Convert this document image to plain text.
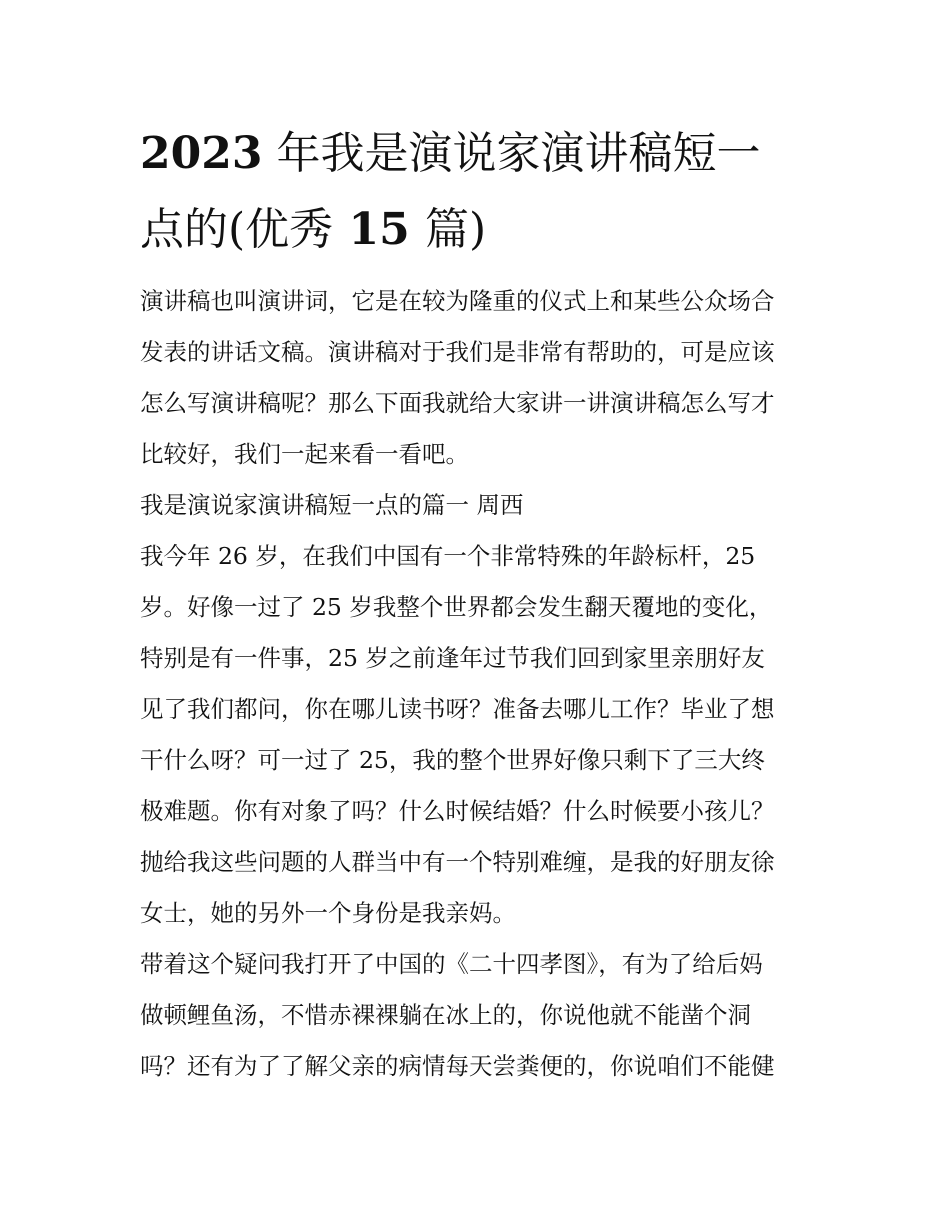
2023 年我是演说家演讲稿短一
点的(优秀 15 篇)
演讲稿也叫演讲词，它是在较为隆重的仪式上和某些公众场合
发表的讲话文稿。演讲稿对于我们是非常有帮助的，可是应该
怎么写演讲稿呢？那么下面我就给大家讲一讲演讲稿怎么写才
比较好，我们一起来看一看吧。
我是演说家演讲稿短一点的篇一 周西
我今年 26 岁，在我们中国有一个非常特殊的年龄标杆，25
岁。好像一过了 25 岁我整个世界都会发生翻天覆地的变化，
特别是有一件事，25 岁之前逢年过节我们回到家里亲朋好友
见了我们都问，你在哪儿读书呀？准备去哪儿工作？毕业了想
干什么呀？可一过了 25，我的整个世界好像只剩下了三大终
极难题。你有对象了吗？什么时候结婚？什么时候要小孩儿？
抛给我这些问题的人群当中有一个特别难缠，是我的好朋友徐
女士，她的另外一个身份是我亲妈。
带着这个疑问我打开了中国的《二十四孝图》，有为了给后妈
做顿鲤鱼汤，不惜赤裸裸躺在冰上的，你说他就不能凿个洞
吗？还有为了了解父亲的病情每天尝粪便的，你说咱们不能健
